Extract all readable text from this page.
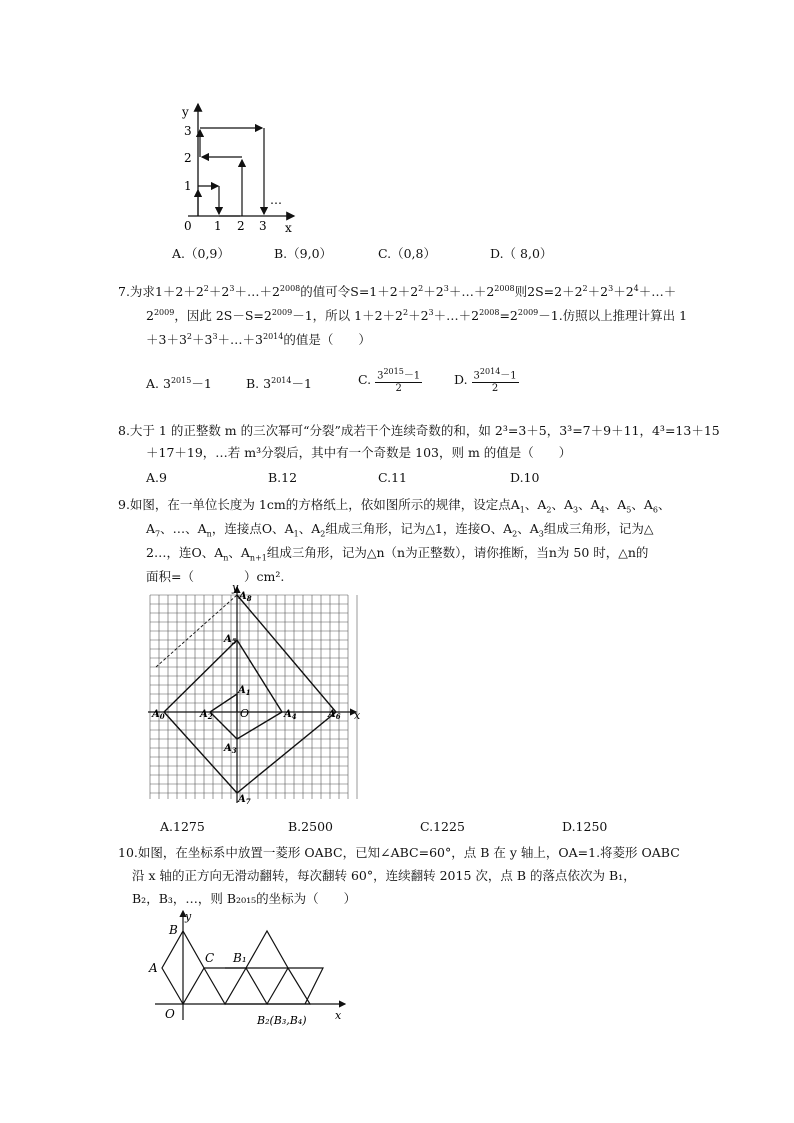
y
3
2
1
0 1 2 3 x
…
A.（0,9）	B.（9,0）	C.（0,8）	D.（ 8,0）
7.为求$1+2+2^2+2^3+\dots+2^{2008}$的值可令$S=1+2+2^2+2^3+\dots+2^{2008}$则$2S=2+2^2+2^3+2^4+\dots+$
$2^{2009}$，因此 $2S-S=2^{2009}-1$，所以 $1+2+2^2+2^3+\dots+2^{2008}=2^{2009}-1$.仿照以上推理计算出 1
$+3+3^2+3^3+\dots+3^{2014}$的值是（　　）
A. $3^{2015}-1$	B. $3^{2014}-1$	C. $\frac{3^{2015}-1}{2}$	D. $\frac{3^{2014}-1}{2}$
8.大于 1 的正整数 m 的三次幂可“分裂”成若干个连续奇数的和，如 2³=3＋5，3³=7＋9＋11，4³=13＋15
＋17＋19，…若 m³分裂后，其中有一个奇数是 103，则 m 的值是（　　）
A.9	B.12	C.11	D.10
9.如图，在一单位长度为 1cm的方格纸上，依如图所示的规律，设定点$A_1$、$A_2$、$A_3$、$A_4$、$A_5$、$A_6$、
$A_7$、…、$A_n$，连接点O、$A_1$、$A_2$组成三角形，记为△1，连接O、$A_2$、$A_3$组成三角形，记为△
2…，连O、$A_n$、$A_{n+1}$组成三角形，记为△n（n为正整数），请你推断，当n为 50 时，△n的
面积=（　　　　）cm².
y
x
O
$A_0$
$A_1$
$A_2$
$A_3$
$A_4$
$A_5$
$A_6$
$A_7$
$A_8$
A.1275	B.2500	C.1225	D.1250
10.如图，在坐标系中放置一菱形 OABC，已知∠ABC=60°，点 B 在 y 轴上，OA=1.将菱形 OABC
沿 x 轴的正方向无滑动翻转，每次翻转 60°，连续翻转 2015 次，点 B 的落点依次为 B₁，
B₂，B₃，…，则 B₂₀₁₅的坐标为（　　）
y
x
B
A
C
O
B₁
B₂(B₃,B₄)
